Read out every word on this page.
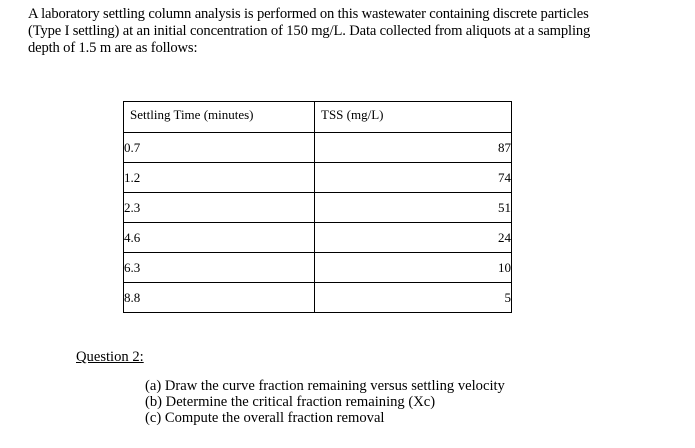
A laboratory settling column analysis is performed on this wastewater containing discrete particles
(Type I settling) at an initial concentration of 150 mg/L. Data collected from aliquots at a sampling
depth of 1.5 m are as follows:

Settling Time (minutes)	TSS (mg/L)
0.7	87
1.2	74
2.3	51
4.6	24
6.3	10
8.8	5

Question 2:

(a) Draw the curve fraction remaining versus settling velocity
(b) Determine the critical fraction remaining (Xc)
(c) Compute the overall fraction removal
